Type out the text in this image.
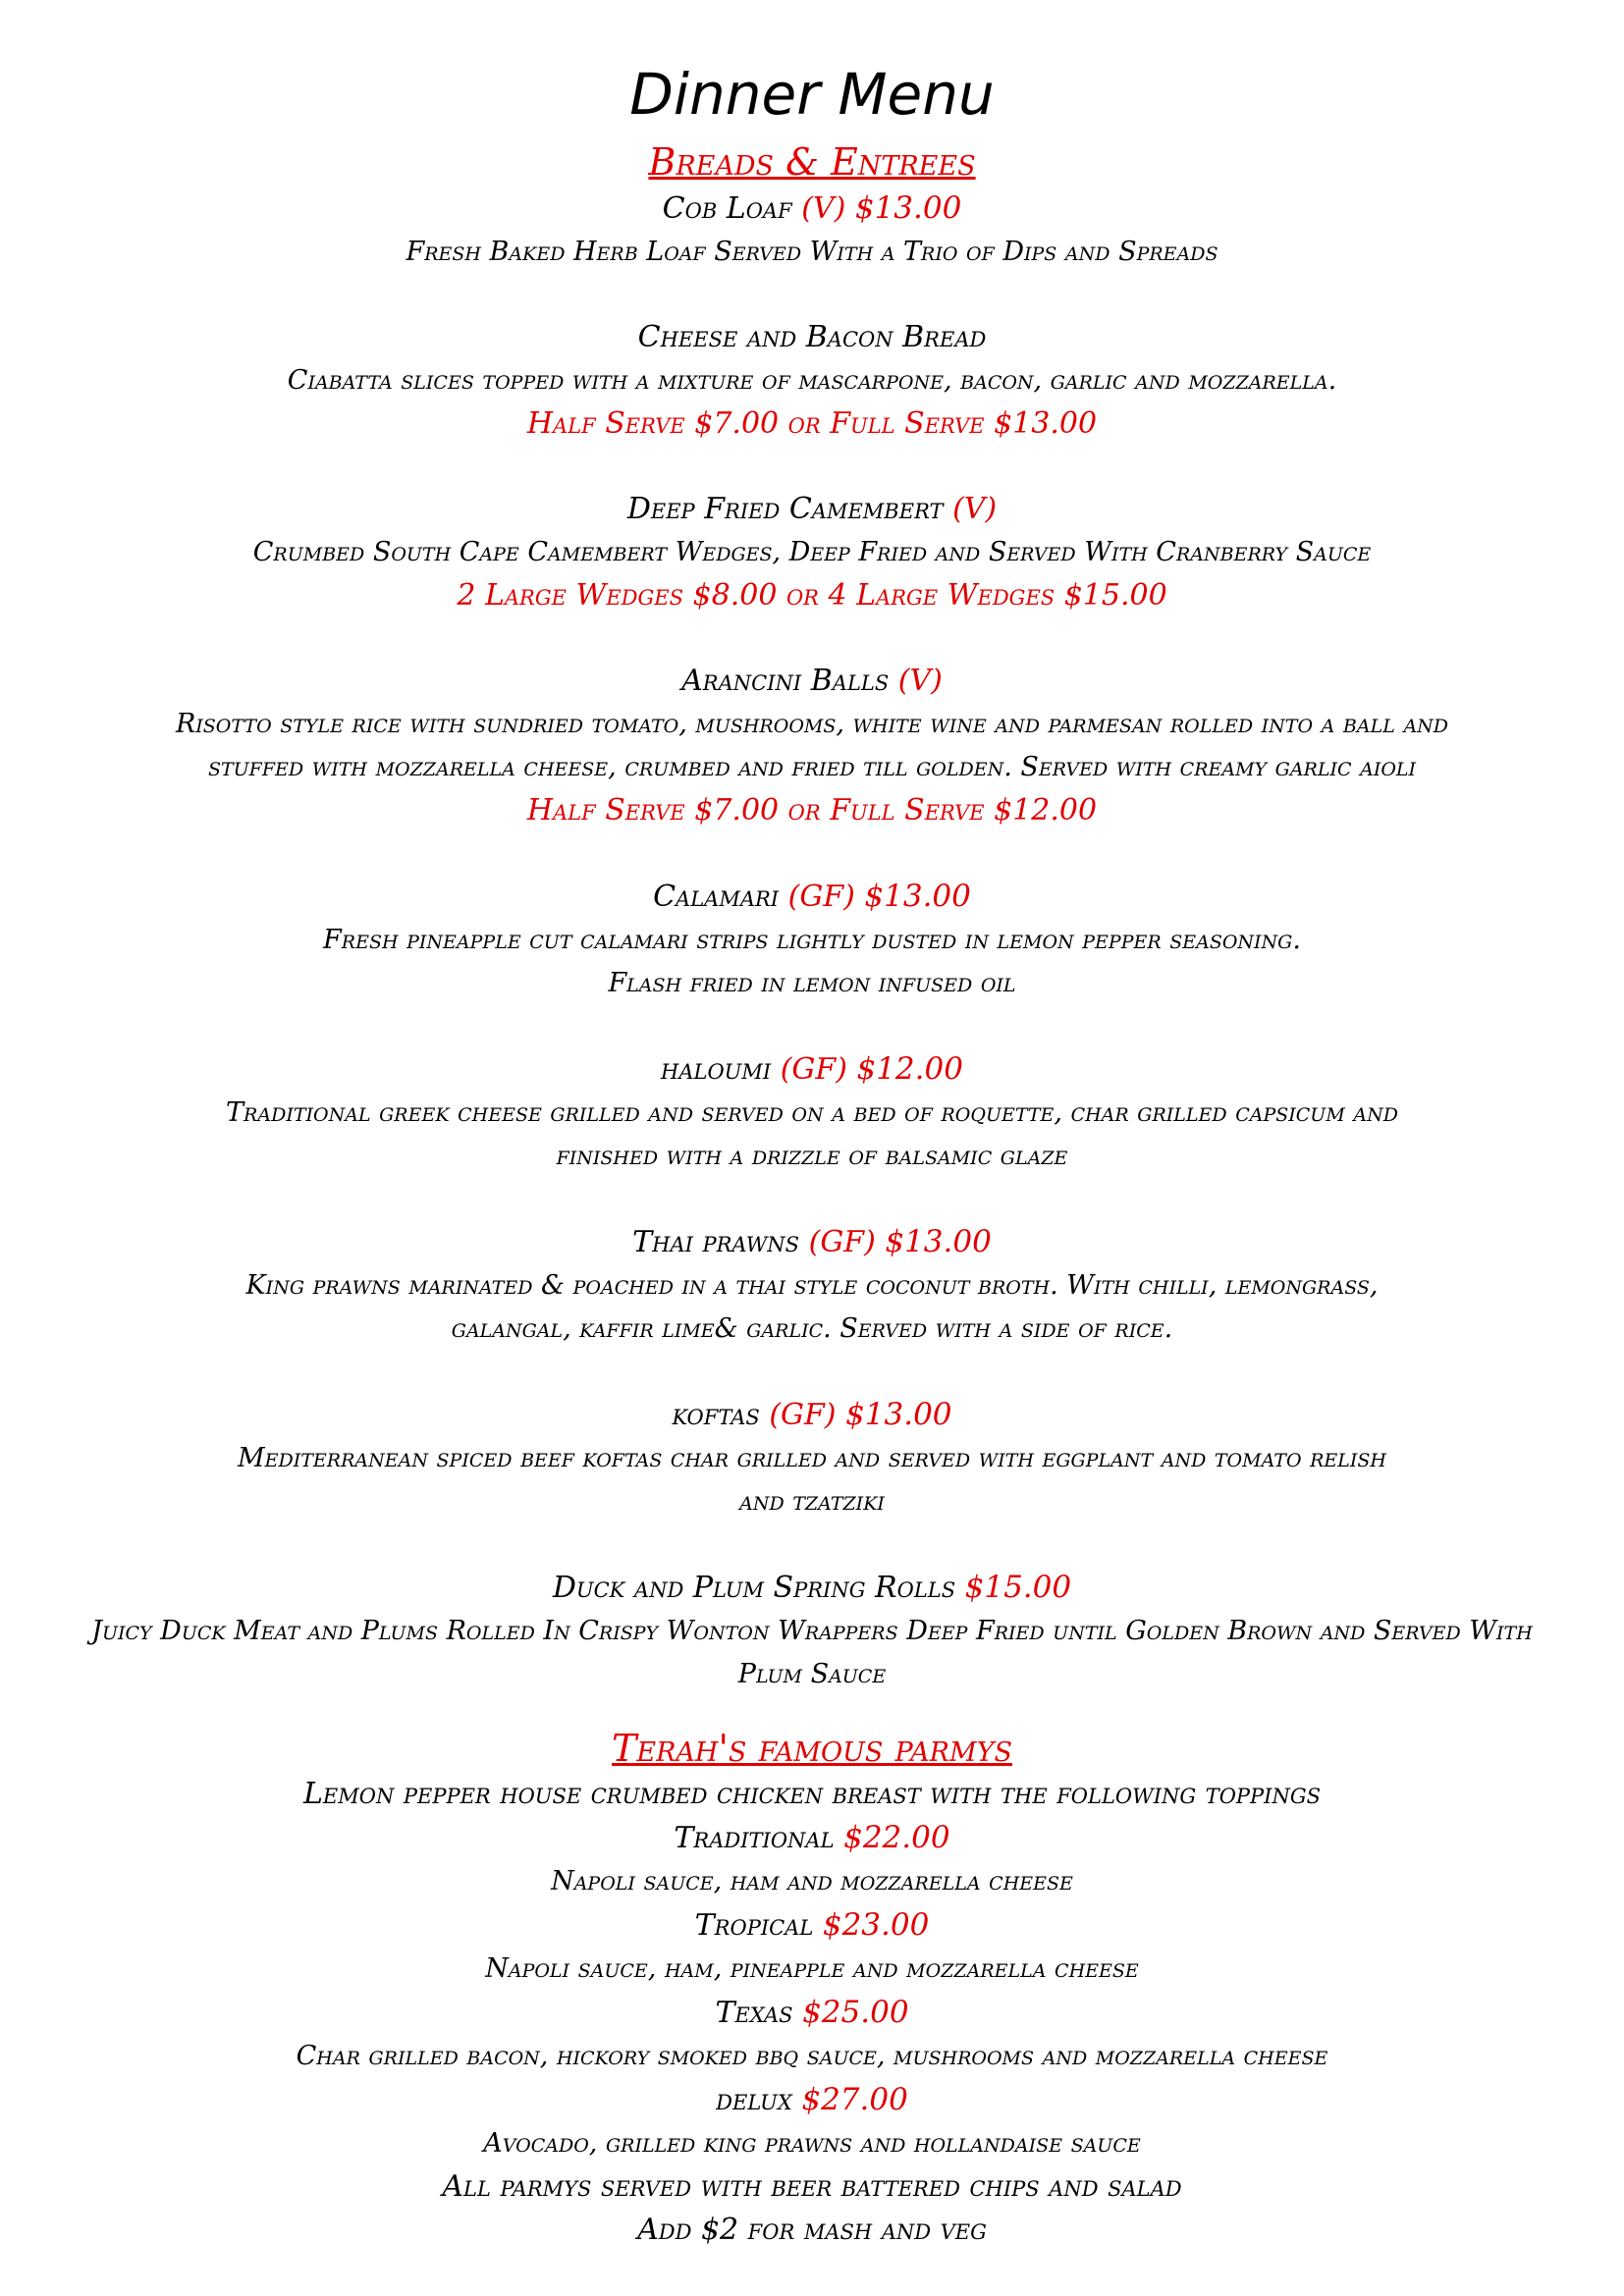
Dinner Menu
Breads & Entrees
Cob Loaf (V) $13.00
Fresh Baked Herb Loaf Served With a Trio of Dips and Spreads
Cheese and Bacon Bread
Ciabatta slices topped with a mixture of mascarpone, bacon, garlic and mozzarella.
Half Serve $7.00 or Full Serve $13.00
Deep Fried Camembert (V)
Crumbed South Cape Camembert Wedges, Deep Fried and Served With Cranberry Sauce
2 Large Wedges $8.00 or 4 Large Wedges $15.00
Arancini Balls (V)
Risotto style rice with sundried tomato, mushrooms, white wine and parmesan rolled into a ball and
stuffed with mozzarella cheese, crumbed and fried till golden. Served with creamy garlic aioli
Half Serve $7.00 or Full Serve $12.00
Calamari (GF) $13.00
Fresh pineapple cut calamari strips lightly dusted in lemon pepper seasoning.
Flash fried in lemon infused oil
haloumi (GF) $12.00
Traditional greek cheese grilled and served on a bed of roquette, char grilled capsicum and
finished with a drizzle of balsamic glaze
Thai prawns (GF) $13.00
King prawns marinated & poached in a thai style coconut broth. With chilli, lemongrass,
galangal, kaffir lime& garlic. Served with a side of rice.
koftas (GF) $13.00
Mediterranean spiced beef koftas char grilled and served with eggplant and tomato relish
and tzatziki
Duck and Plum Spring Rolls $15.00
Juicy Duck Meat and Plums Rolled In Crispy Wonton Wrappers Deep Fried until Golden Brown and Served With
Plum Sauce
Terah's famous parmys
Lemon pepper house crumbed chicken breast with the following toppings
Traditional $22.00
Napoli sauce, ham and mozzarella cheese
Tropical $23.00
Napoli sauce, ham, pineapple and mozzarella cheese
Texas $25.00
Char grilled bacon, hickory smoked bbq sauce, mushrooms and mozzarella cheese
delux $27.00
Avocado, grilled king prawns and hollandaise sauce
All parmys served with beer battered chips and salad
Add $2 for mash and veg
